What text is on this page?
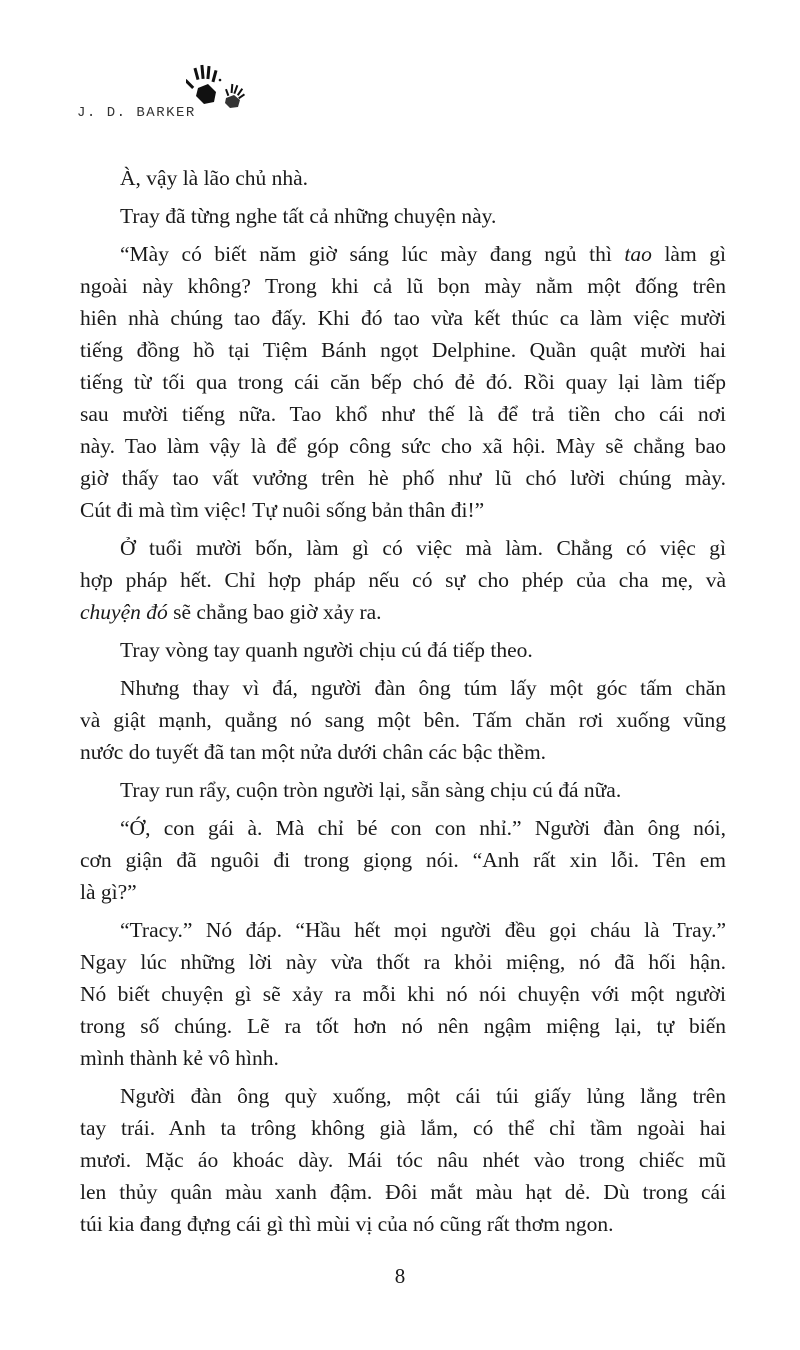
J. D. BARKER
À, vậy là lão chủ nhà.
Tray đã từng nghe tất cả những chuyện này.
“Mày có biết năm giờ sáng lúc mày đang ngủ thì tao làm gì
ngoài này không? Trong khi cả lũ bọn mày nằm một đống trên
hiên nhà chúng tao đấy. Khi đó tao vừa kết thúc ca làm việc mười
tiếng đồng hồ tại Tiệm Bánh ngọt Delphine. Quần quật mười hai
tiếng từ tối qua trong cái căn bếp chó đẻ đó. Rồi quay lại làm tiếp
sau mười tiếng nữa. Tao khổ như thế là để trả tiền cho cái nơi
này. Tao làm vậy là để góp công sức cho xã hội. Mày sẽ chẳng bao
giờ thấy tao vất vưởng trên hè phố như lũ chó lười chúng mày.
Cút đi mà tìm việc! Tự nuôi sống bản thân đi!”
Ở tuổi mười bốn, làm gì có việc mà làm. Chẳng có việc gì
hợp pháp hết. Chỉ hợp pháp nếu có sự cho phép của cha mẹ, và
chuyện đó sẽ chẳng bao giờ xảy ra.
Tray vòng tay quanh người chịu cú đá tiếp theo.
Nhưng thay vì đá, người đàn ông túm lấy một góc tấm chăn
và giật mạnh, quẳng nó sang một bên. Tấm chăn rơi xuống vũng
nước do tuyết đã tan một nửa dưới chân các bậc thềm.
Tray run rẩy, cuộn tròn người lại, sẵn sàng chịu cú đá nữa.
“Ớ, con gái à. Mà chỉ bé con con nhỉ.” Người đàn ông nói,
cơn giận đã nguôi đi trong giọng nói. “Anh rất xin lỗi. Tên em
là gì?”
“Tracy.” Nó đáp. “Hầu hết mọi người đều gọi cháu là Tray.”
Ngay lúc những lời này vừa thốt ra khỏi miệng, nó đã hối hận.
Nó biết chuyện gì sẽ xảy ra mỗi khi nó nói chuyện với một người
trong số chúng. Lẽ ra tốt hơn nó nên ngậm miệng lại, tự biến
mình thành kẻ vô hình.
Người đàn ông quỳ xuống, một cái túi giấy lủng lẳng trên
tay trái. Anh ta trông không già lắm, có thể chỉ tầm ngoài hai
mươi. Mặc áo khoác dày. Mái tóc nâu nhét vào trong chiếc mũ
len thủy quân màu xanh đậm. Đôi mắt màu hạt dẻ. Dù trong cái
túi kia đang đựng cái gì thì mùi vị của nó cũng rất thơm ngon.
8
